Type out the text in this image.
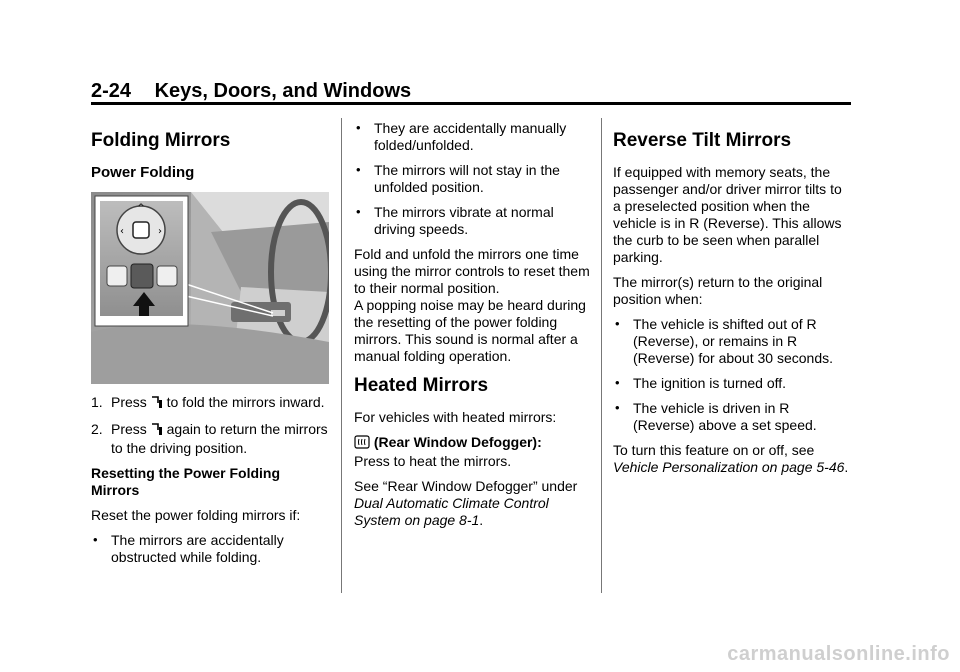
2-24 Keys, Doors, and Windows
Folding Mirrors
Power Folding
^
‹	›
1. Press to fold the mirrors inward.
2. Press again to return the mirrors to the driving position.

Resetting the Power Folding Mirrors

Reset the power folding mirrors if:

• The mirrors are accidentally obstructed while folding.
• They are accidentally manually folded/unfolded.
• The mirrors will not stay in the unfolded position.
• The mirrors vibrate at normal driving speeds.

Fold and unfold the mirrors one time using the mirror controls to reset them to their normal position.

A popping noise may be heard during the resetting of the power folding mirrors. This sound is normal after a manual folding operation.

Heated Mirrors

For vehicles with heated mirrors:

(Rear Window Defogger):
Press to heat the mirrors.

See “Rear Window Defogger” under Dual Automatic Climate Control System on page 8-1.

Reverse Tilt Mirrors

If equipped with memory seats, the passenger and/or driver mirror tilts to a preselected position when the vehicle is in R (Reverse). This allows the curb to be seen when parallel parking.

The mirror(s) return to the original position when:

• The vehicle is shifted out of R (Reverse), or remains in R (Reverse) for about 30 seconds.
• The ignition is turned off.
• The vehicle is driven in R (Reverse) above a set speed.

To turn this feature on or off, see Vehicle Personalization on page 5-46.

carmanualsonline.info
